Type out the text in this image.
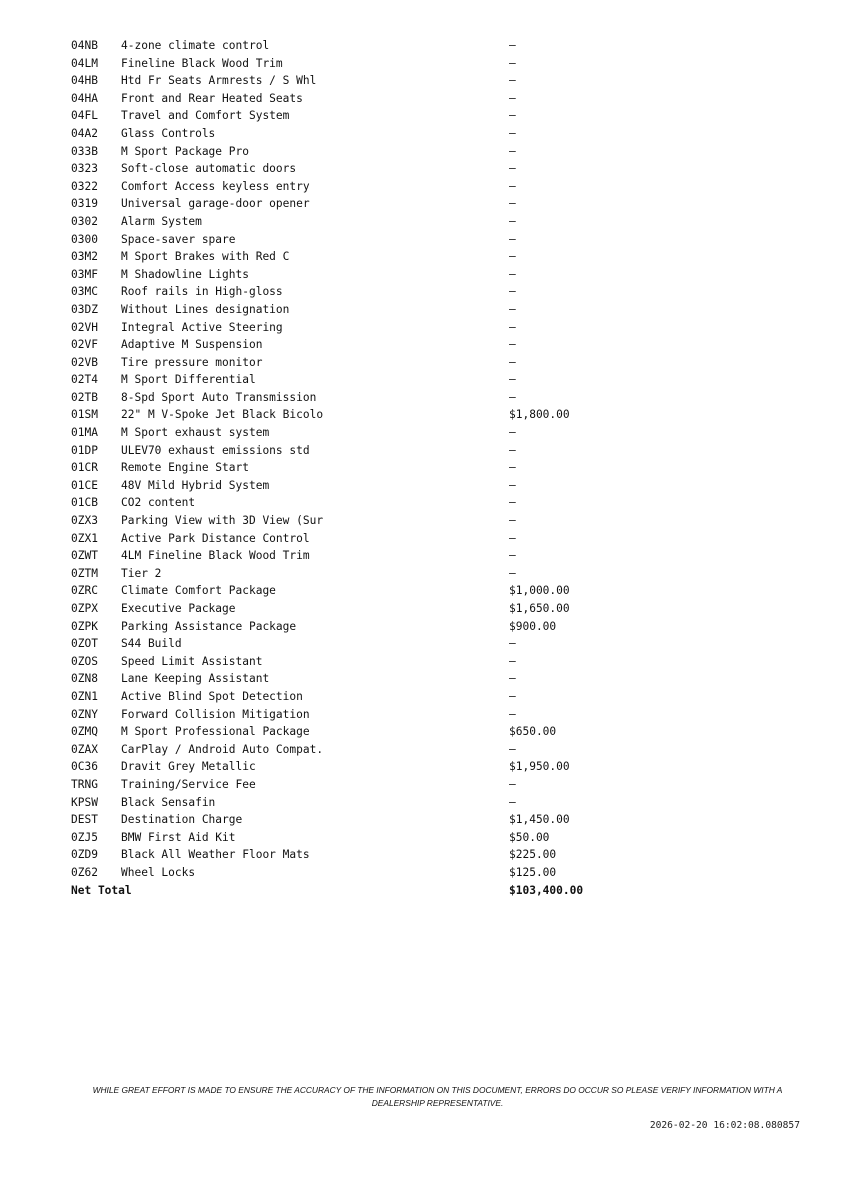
04NB	4-zone climate control	—
04LM	Fineline Black Wood Trim	—
04HB	Htd Fr Seats Armrests / S Whl	—
04HA	Front and Rear Heated Seats	—
04FL	Travel and Comfort System	—
04A2	Glass Controls	—
033B	M Sport Package Pro	—
0323	Soft-close automatic doors	—
0322	Comfort Access keyless entry	—
0319	Universal garage-door opener	—
0302	Alarm System	—
0300	Space-saver spare	—
03M2	M Sport Brakes with Red C	—
03MF	M Shadowline Lights	—
03MC	Roof rails in High-gloss	—
03DZ	Without Lines designation	—
02VH	Integral Active Steering	—
02VF	Adaptive M Suspension	—
02VB	Tire pressure monitor	—
02T4	M Sport Differential	—
02TB	8-Spd Sport Auto Transmission	—
01SM	22" M V-Spoke Jet Black Bicolo	$1,800.00
01MA	M Sport exhaust system	—
01DP	ULEV70 exhaust emissions std	—
01CR	Remote Engine Start	—
01CE	48V Mild Hybrid System	—
01CB	CO2 content	—
0ZX3	Parking View with 3D View (Sur	—
0ZX1	Active Park Distance Control	—
0ZWT	4LM Fineline Black Wood Trim	—
0ZTM	Tier 2	—
0ZRC	Climate Comfort Package	$1,000.00
0ZPX	Executive Package	$1,650.00
0ZPK	Parking Assistance Package	$900.00
0ZOT	S44 Build	—
0ZOS	Speed Limit Assistant	—
0ZN8	Lane Keeping Assistant	—
0ZN1	Active Blind Spot Detection	—
0ZNY	Forward Collision Mitigation	—
0ZMQ	M Sport Professional Package	$650.00
0ZAX	CarPlay / Android Auto Compat.	—
0C36	Dravit Grey Metallic	$1,950.00
TRNG	Training/Service Fee	—
KPSW	Black Sensafin	—
DEST	Destination Charge	$1,450.00
0ZJ5	BMW First Aid Kit	$50.00
0ZD9	Black All Weather Floor Mats	$225.00
0Z62	Wheel Locks	$125.00
Net Total		$103,400.00
WHILE GREAT EFFORT IS MADE TO ENSURE THE ACCURACY OF THE INFORMATION ON THIS DOCUMENT, ERRORS DO OCCUR SO PLEASE VERIFY INFORMATION WITH A DEALERSHIP REPRESENTATIVE.
2026-02-20 16:02:08.080857
